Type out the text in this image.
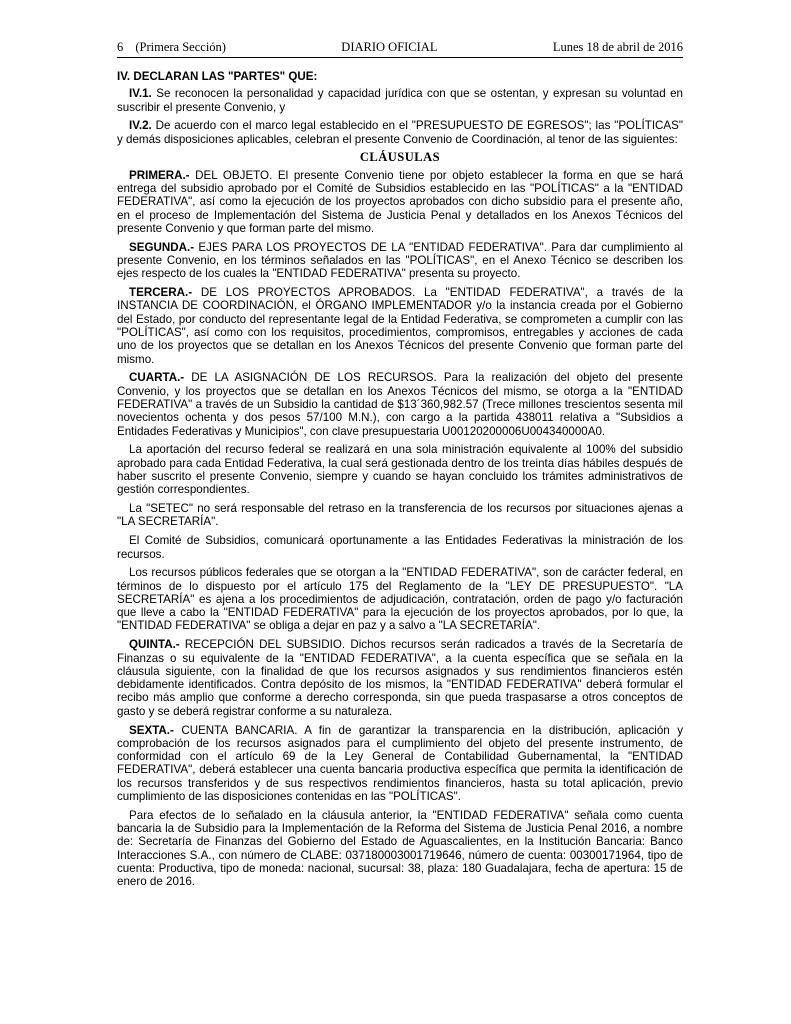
6 (Primera Sección)	DIARIO OFICIAL	Lunes 18 de abril de 2016
IV. DECLARAN LAS "PARTES" QUE:

IV.1. Se reconocen la personalidad y capacidad jurídica con que se ostentan, y expresan su voluntad en suscribir el presente Convenio, y

IV.2. De acuerdo con el marco legal establecido en el "PRESUPUESTO DE EGRESOS"; las "POLÍTICAS" y demás disposiciones aplicables, celebran el presente Convenio de Coordinación, al tenor de las siguientes:

CLÁUSULAS

PRIMERA.- DEL OBJETO. El presente Convenio tiene por objeto establecer la forma en que se hará entrega del subsidio aprobado por el Comité de Subsidios establecido en las "POLÍTICAS" a la "ENTIDAD FEDERATIVA", así como la ejecución de los proyectos aprobados con dicho subsidio para el presente año, en el proceso de Implementación del Sistema de Justicia Penal y detallados en los Anexos Técnicos del presente Convenio y que forman parte del mismo.

SEGUNDA.- EJES PARA LOS PROYECTOS DE LA "ENTIDAD FEDERATIVA". Para dar cumplimiento al presente Convenio, en los términos señalados en las "POLÍTICAS", en el Anexo Técnico se describen los ejes respecto de los cuales la "ENTIDAD FEDERATIVA" presenta su proyecto.

TERCERA.- DE LOS PROYECTOS APROBADOS. La "ENTIDAD FEDERATIVA", a través de la INSTANCIA DE COORDINACIÓN, el ÓRGANO IMPLEMENTADOR y/o la instancia creada por el Gobierno del Estado, por conducto del representante legal de la Entidad Federativa, se comprometen a cumplir con las "POLÍTICAS", así como con los requisitos, procedimientos, compromisos, entregables y acciones de cada uno de los proyectos que se detallan en los Anexos Técnicos del presente Convenio que forman parte del mismo.

CUARTA.- DE LA ASIGNACIÓN DE LOS RECURSOS. Para la realización del objeto del presente Convenio, y los proyectos que se detallan en los Anexos Técnicos del mismo, se otorga a la "ENTIDAD FEDERATIVA" a través de un Subsidio la cantidad de $13´360,982.57 (Trece millones trescientos sesenta mil novecientos ochenta y dos pesos 57/100 M.N.), con cargo a la partida 438011 relativa a "Subsidios a Entidades Federativas y Municipios", con clave presupuestaria U00120200006U004340000A0.

La aportación del recurso federal se realizará en una sola ministración equivalente al 100% del subsidio aprobado para cada Entidad Federativa, la cual será gestionada dentro de los treinta días hábiles después de haber suscrito el presente Convenio, siempre y cuando se hayan concluido los trámites administrativos de gestión correspondientes.

La "SETEC" no será responsable del retraso en la transferencia de los recursos por situaciones ajenas a "LA SECRETARÍA".

El Comité de Subsidios, comunicará oportunamente a las Entidades Federativas la ministración de los recursos.

Los recursos públicos federales que se otorgan a la "ENTIDAD FEDERATIVA", son de carácter federal, en términos de lo dispuesto por el artículo 175 del Reglamento de la "LEY DE PRESUPUESTO". "LA SECRETARÍA" es ajena a los procedimientos de adjudicación, contratación, orden de pago y/o facturación que lleve a cabo la "ENTIDAD FEDERATIVA" para la ejecución de los proyectos aprobados, por lo que, la "ENTIDAD FEDERATIVA" se obliga a dejar en paz y a salvo a "LA SECRETARÍA".

QUINTA.- RECEPCIÓN DEL SUBSIDIO. Dichos recursos serán radicados a través de la Secretaría de Finanzas o su equivalente de la "ENTIDAD FEDERATIVA", a la cuenta específica que se señala en la cláusula siguiente, con la finalidad de que los recursos asignados y sus rendimientos financieros estén debidamente identificados. Contra depósito de los mismos, la "ENTIDAD FEDERATIVA" deberá formular el recibo más amplio que conforme a derecho corresponda, sin que pueda traspasarse a otros conceptos de gasto y se deberá registrar conforme a su naturaleza.

SEXTA.- CUENTA BANCARIA. A fin de garantizar la transparencia en la distribución, aplicación y comprobación de los recursos asignados para el cumplimiento del objeto del presente instrumento, de conformidad con el artículo 69 de la Ley General de Contabilidad Gubernamental, la "ENTIDAD FEDERATIVA", deberá establecer una cuenta bancaria productiva específica que permita la identificación de los recursos transferidos y de sus respectivos rendimientos financieros, hasta su total aplicación, previo cumplimiento de las disposiciones contenidas en las "POLÍTICAS".

Para efectos de lo señalado en la cláusula anterior, la "ENTIDAD FEDERATIVA" señala como cuenta bancaria la de Subsidio para la Implementación de la Reforma del Sistema de Justicia Penal 2016, a nombre de: Secretaría de Finanzas del Gobierno del Estado de Aguascalientes, en la Institución Bancaria: Banco Interacciones S.A., con número de CLABE: 037180003001719646, número de cuenta: 00300171964, tipo de cuenta: Productiva, tipo de moneda: nacional, sucursal: 38, plaza: 180 Guadalajara, fecha de apertura: 15 de enero de 2016.
